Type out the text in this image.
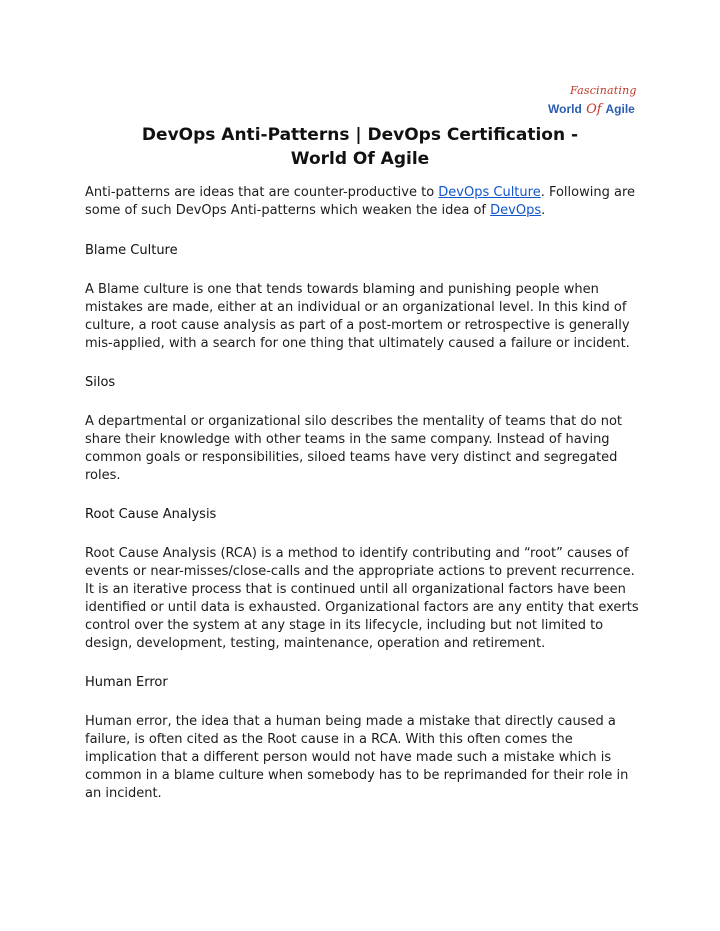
Fascinating
World Of Agile
DevOps Anti-Patterns | DevOps Certification -
World Of Agile

Anti-patterns are ideas that are counter-productive to DevOps Culture. Following are some of such DevOps Anti-patterns which weaken the idea of DevOps.

Blame Culture

A Blame culture is one that tends towards blaming and punishing people when mistakes are made, either at an individual or an organizational level. In this kind of culture, a root cause analysis as part of a post-mortem or retrospective is generally mis-applied, with a search for one thing that ultimately caused a failure or incident.

Silos

A departmental or organizational silo describes the mentality of teams that do not share their knowledge with other teams in the same company. Instead of having common goals or responsibilities, siloed teams have very distinct and segregated roles.

Root Cause Analysis

Root Cause Analysis (RCA) is a method to identify contributing and “root” causes of events or near-misses/close-calls and the appropriate actions to prevent recurrence. It is an iterative process that is continued until all organizational factors have been identified or until data is exhausted. Organizational factors are any entity that exerts control over the system at any stage in its lifecycle, including but not limited to design, development, testing, maintenance, operation and retirement.

Human Error

Human error, the idea that a human being made a mistake that directly caused a failure, is often cited as the Root cause in a RCA. With this often comes the implication that a different person would not have made such a mistake which is common in a blame culture when somebody has to be reprimanded for their role in an incident.
